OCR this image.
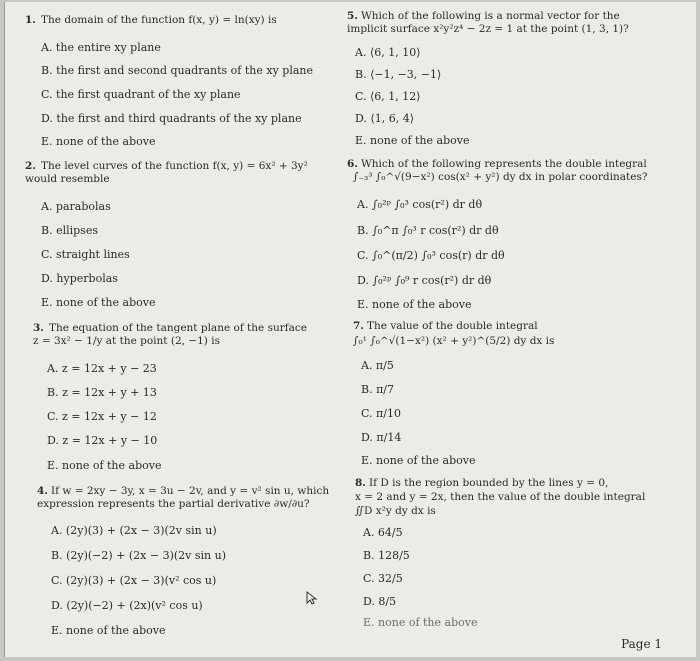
1. The domain of the function f(x, y) = ln(xy) is
A. the entire xy plane
B. the first and second quadrants of the xy plane
C. the first quadrant of the xy plane
D. the first and third quadrants of the xy plane
E. none of the above
2. The level curves of the function f(x, y) = 6x² + 3y²
would resemble
A. parabolas
B. ellipses
C. straight lines
D. hyperbolas
E. none of the above
3. The equation of the tangent plane of the surface
z = 3x² − 1/y at the point (2, −1) is
A. z = 12x + y − 23
B. z = 12x + y + 13
C. z = 12x + y − 12
D. z = 12x + y − 10
E. none of the above
4. If w = 2xy − 3y, x = 3u − 2v, and y = v² sin u, which
expression represents the partial derivative ∂w/∂u?
A. (2y)(3) + (2x − 3)(2v sin u)
B. (2y)(−2) + (2x − 3)(2v sin u)
C. (2y)(3) + (2x − 3)(v² cos u)
D. (2y)(−2) + (2x)(v² cos u)
E. none of the above
5. Which of the following is a normal vector for the
implicit surface x²y²z⁴ − 2z = 1 at the point (1, 3, 1)?
A. ⟨6, 1, 10⟩
B. ⟨−1, −3, −1⟩
C. ⟨6, 1, 12⟩
D. ⟨1, 6, 4⟩
E. none of the above
6. Which of the following represents the double integral
∫₋₃³ ∫₀^√(9−x²) cos(x² + y²) dy dx in polar coordinates?
A. ∫₀²ᵖ ∫₀³ cos(r²) dr dθ
B. ∫₀^π ∫₀³ r cos(r²) dr dθ
C. ∫₀^(π/2) ∫₀³ cos(r) dr dθ
D. ∫₀²ᵖ ∫₀⁹ r cos(r²) dr dθ
E. none of the above
7. The value of the double integral
∫₀¹ ∫₀^√(1−x²) (x² + y²)^(5/2) dy dx is
A. π/5
B. π/7
C. π/10
D. π/14
E. none of the above
8. If D is the region bounded by the lines y = 0,
x = 2 and y = 2x, then the value of the double integral
∬D x²y dy dx is
A. 64/5
B. 128/5
C. 32/5
D. 8/5
E. none of the above
Page 1
